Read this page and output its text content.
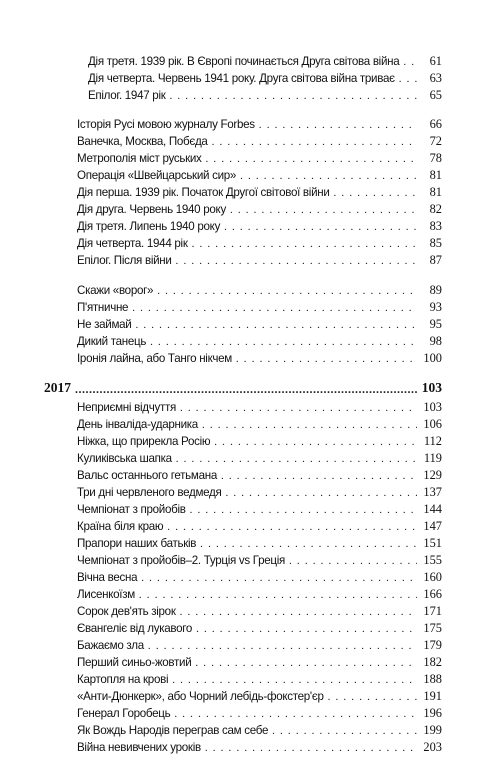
Дія третя. 1939 рік. В Європі починається Друга світова війна . . .	61
Дія четверта. Червень 1941 року. Друга світова війна триває . . .	63
Епілог. 1947 рік . . .	65
Історія Русі мовою журналу Forbes . . .	66
Ванечка, Москва, Побєда . . .	72
Метрополія міст руських . . .	78
Операція «Швейцарський сир» . . .	81
Дія перша. 1939 рік. Початок Другої світової війни . . .	81
Дія друга. Червень 1940 року . . .	82
Дія третя. Липень 1940 року . . .	83
Дія четверта. 1944 рік . . .	85
Епілог. Після війни . . .	87
Скажи «ворог» . . .	89
П'ятничне . . .	93
Не займай . . .	95
Дикий танець . . .	98
Іронія лайна, або Танго нікчем . . .	100
2017 .....	103
Неприємні відчуття . . .	103
День інваліда-ударника . . .	106
Ніжка, що прирекла Росію . . .	112
Куликівська шапка . . .	119
Вальс останнього гетьмана . . .	129
Три дні червленого ведмедя . . .	137
Чемпіонат з пройобів . . .	144
Країна біля краю . . .	147
Прапори наших батьків . . .	151
Чемпіонат з пройобів–2. Турція vs Греція . . .	155
Вічна весна . . .	160
Лисенкоїзм . . .	166
Сорок дев'ять зірок . . .	171
Євангеліє від лукавого . . .	175
Бажаємо зла . . .	179
Перший синьо-жовтий . . .	182
Картопля на крові . . .	188
«Анти-Дюнкерк», або Чорний лебідь-фокстер'єр . . .	191
Генерал Горобець . . .	196
Як Вождь Народів переграв сам себе . . .	199
Війна невивчених уроків . . .	203
